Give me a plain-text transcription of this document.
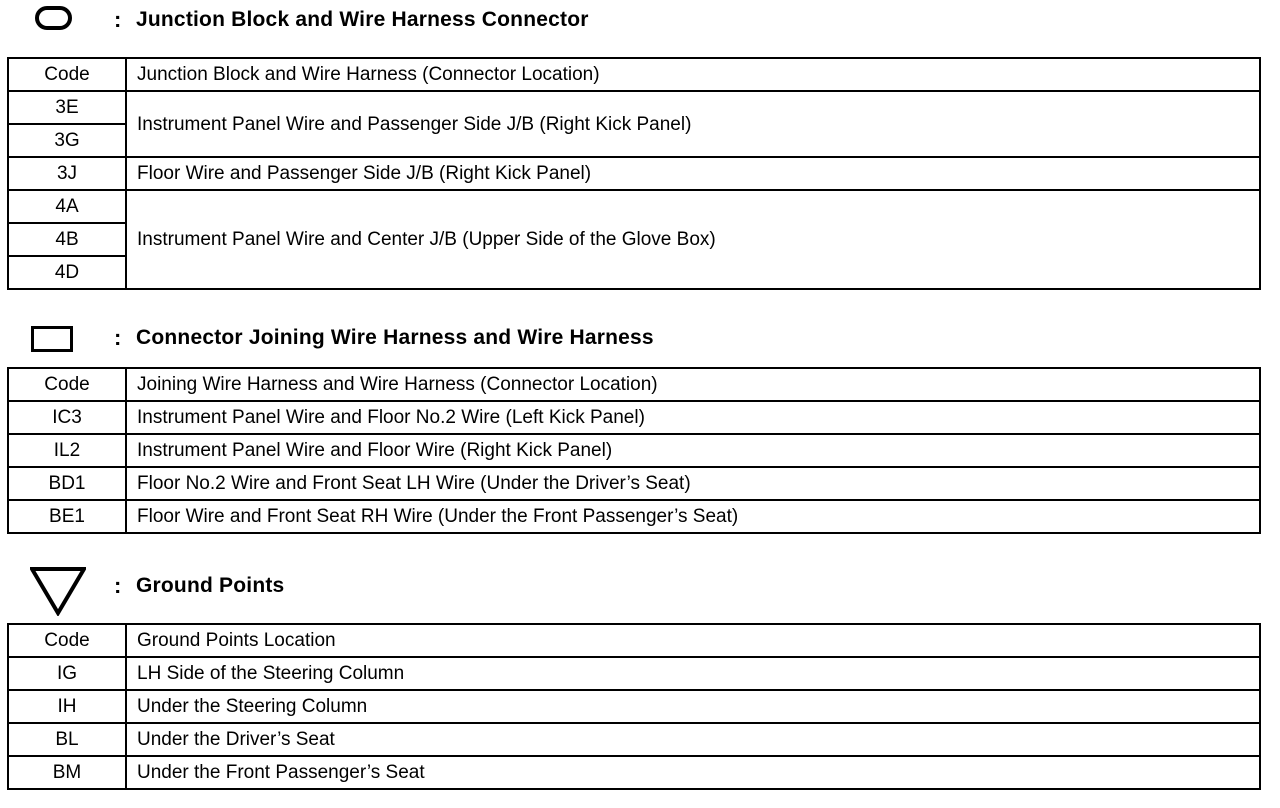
: Junction Block and Wire Harness Connector
Code	Junction Block and Wire Harness (Connector Location)
3E	Instrument Panel Wire and Passenger Side J/B (Right Kick Panel)
3G	
3J	Floor Wire and Passenger Side J/B (Right Kick Panel)
4A	Instrument Panel Wire and Center J/B (Upper Side of the Glove Box)
4B	
4D	
: Connector Joining Wire Harness and Wire Harness
Code	Joining Wire Harness and Wire Harness (Connector Location)
IC3	Instrument Panel Wire and Floor No.2 Wire (Left Kick Panel)
IL2	Instrument Panel Wire and Floor Wire (Right Kick Panel)
BD1	Floor No.2 Wire and Front Seat LH Wire (Under the Driver’s Seat)
BE1	Floor Wire and Front Seat RH Wire (Under the Front Passenger’s Seat)
: Ground Points
Code	Ground Points Location
IG	LH Side of the Steering Column
IH	Under the Steering Column
BL	Under the Driver’s Seat
BM	Under the Front Passenger’s Seat
